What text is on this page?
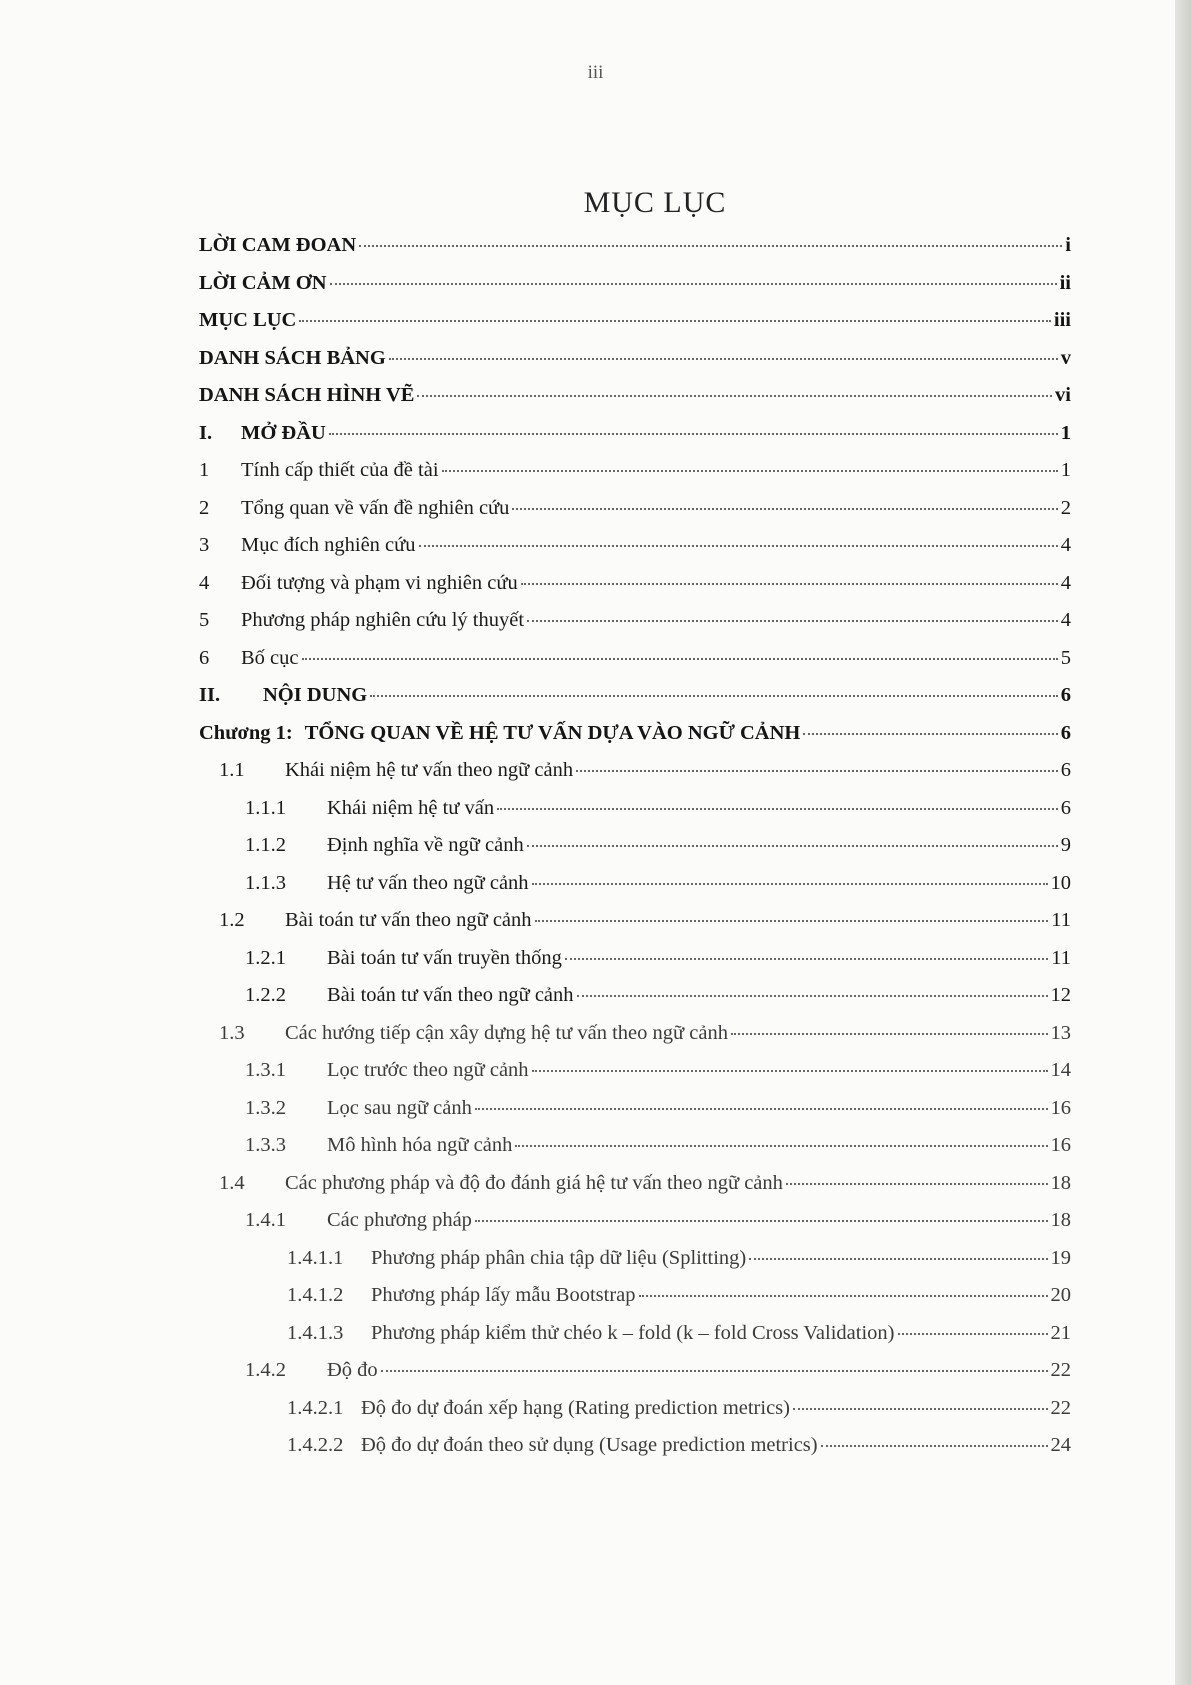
iii
MỤC LỤC
LỜI CAM ĐOAN	i
LỜI CẢM ƠN	ii
MỤC LỤC	iii
DANH SÁCH BẢNG	v
DANH SÁCH HÌNH VẼ	vi
I.	MỞ ĐẦU	1
1	Tính cấp thiết của đề tài	1
2	Tổng quan về vấn đề nghiên cứu	2
3	Mục đích nghiên cứu	4
4	Đối tượng và phạm vi nghiên cứu	4
5	Phương pháp nghiên cứu lý thuyết	4
6	Bố cục	5
II.	NỘI DUNG	6
Chương 1: TỔNG QUAN VỀ HỆ TƯ VẤN DỰA VÀO NGỮ CẢNH	6
1.1	Khái niệm hệ tư vấn theo ngữ cảnh	6
1.1.1	Khái niệm hệ tư vấn	6
1.1.2	Định nghĩa về ngữ cảnh	9
1.1.3	Hệ tư vấn theo ngữ cảnh	10
1.2	Bài toán tư vấn theo ngữ cảnh	11
1.2.1	Bài toán tư vấn truyền thống	11
1.2.2	Bài toán tư vấn theo ngữ cảnh	12
1.3	Các hướng tiếp cận xây dựng hệ tư vấn theo ngữ cảnh	13
1.3.1	Lọc trước theo ngữ cảnh	14
1.3.2	Lọc sau ngữ cảnh	16
1.3.3	Mô hình hóa ngữ cảnh	16
1.4	Các phương pháp và độ đo đánh giá hệ tư vấn theo ngữ cảnh	18
1.4.1	Các phương pháp	18
1.4.1.1	Phương pháp phân chia tập dữ liệu (Splitting)	19
1.4.1.2	Phương pháp lấy mẫu Bootstrap	20
1.4.1.3	Phương pháp kiểm thử chéo k – fold (k – fold Cross Validation)	21
1.4.2	Độ đo	22
1.4.2.1 Độ đo dự đoán xếp hạng (Rating prediction metrics)	22
1.4.2.2 Độ đo dự đoán theo sử dụng (Usage prediction metrics)	24
